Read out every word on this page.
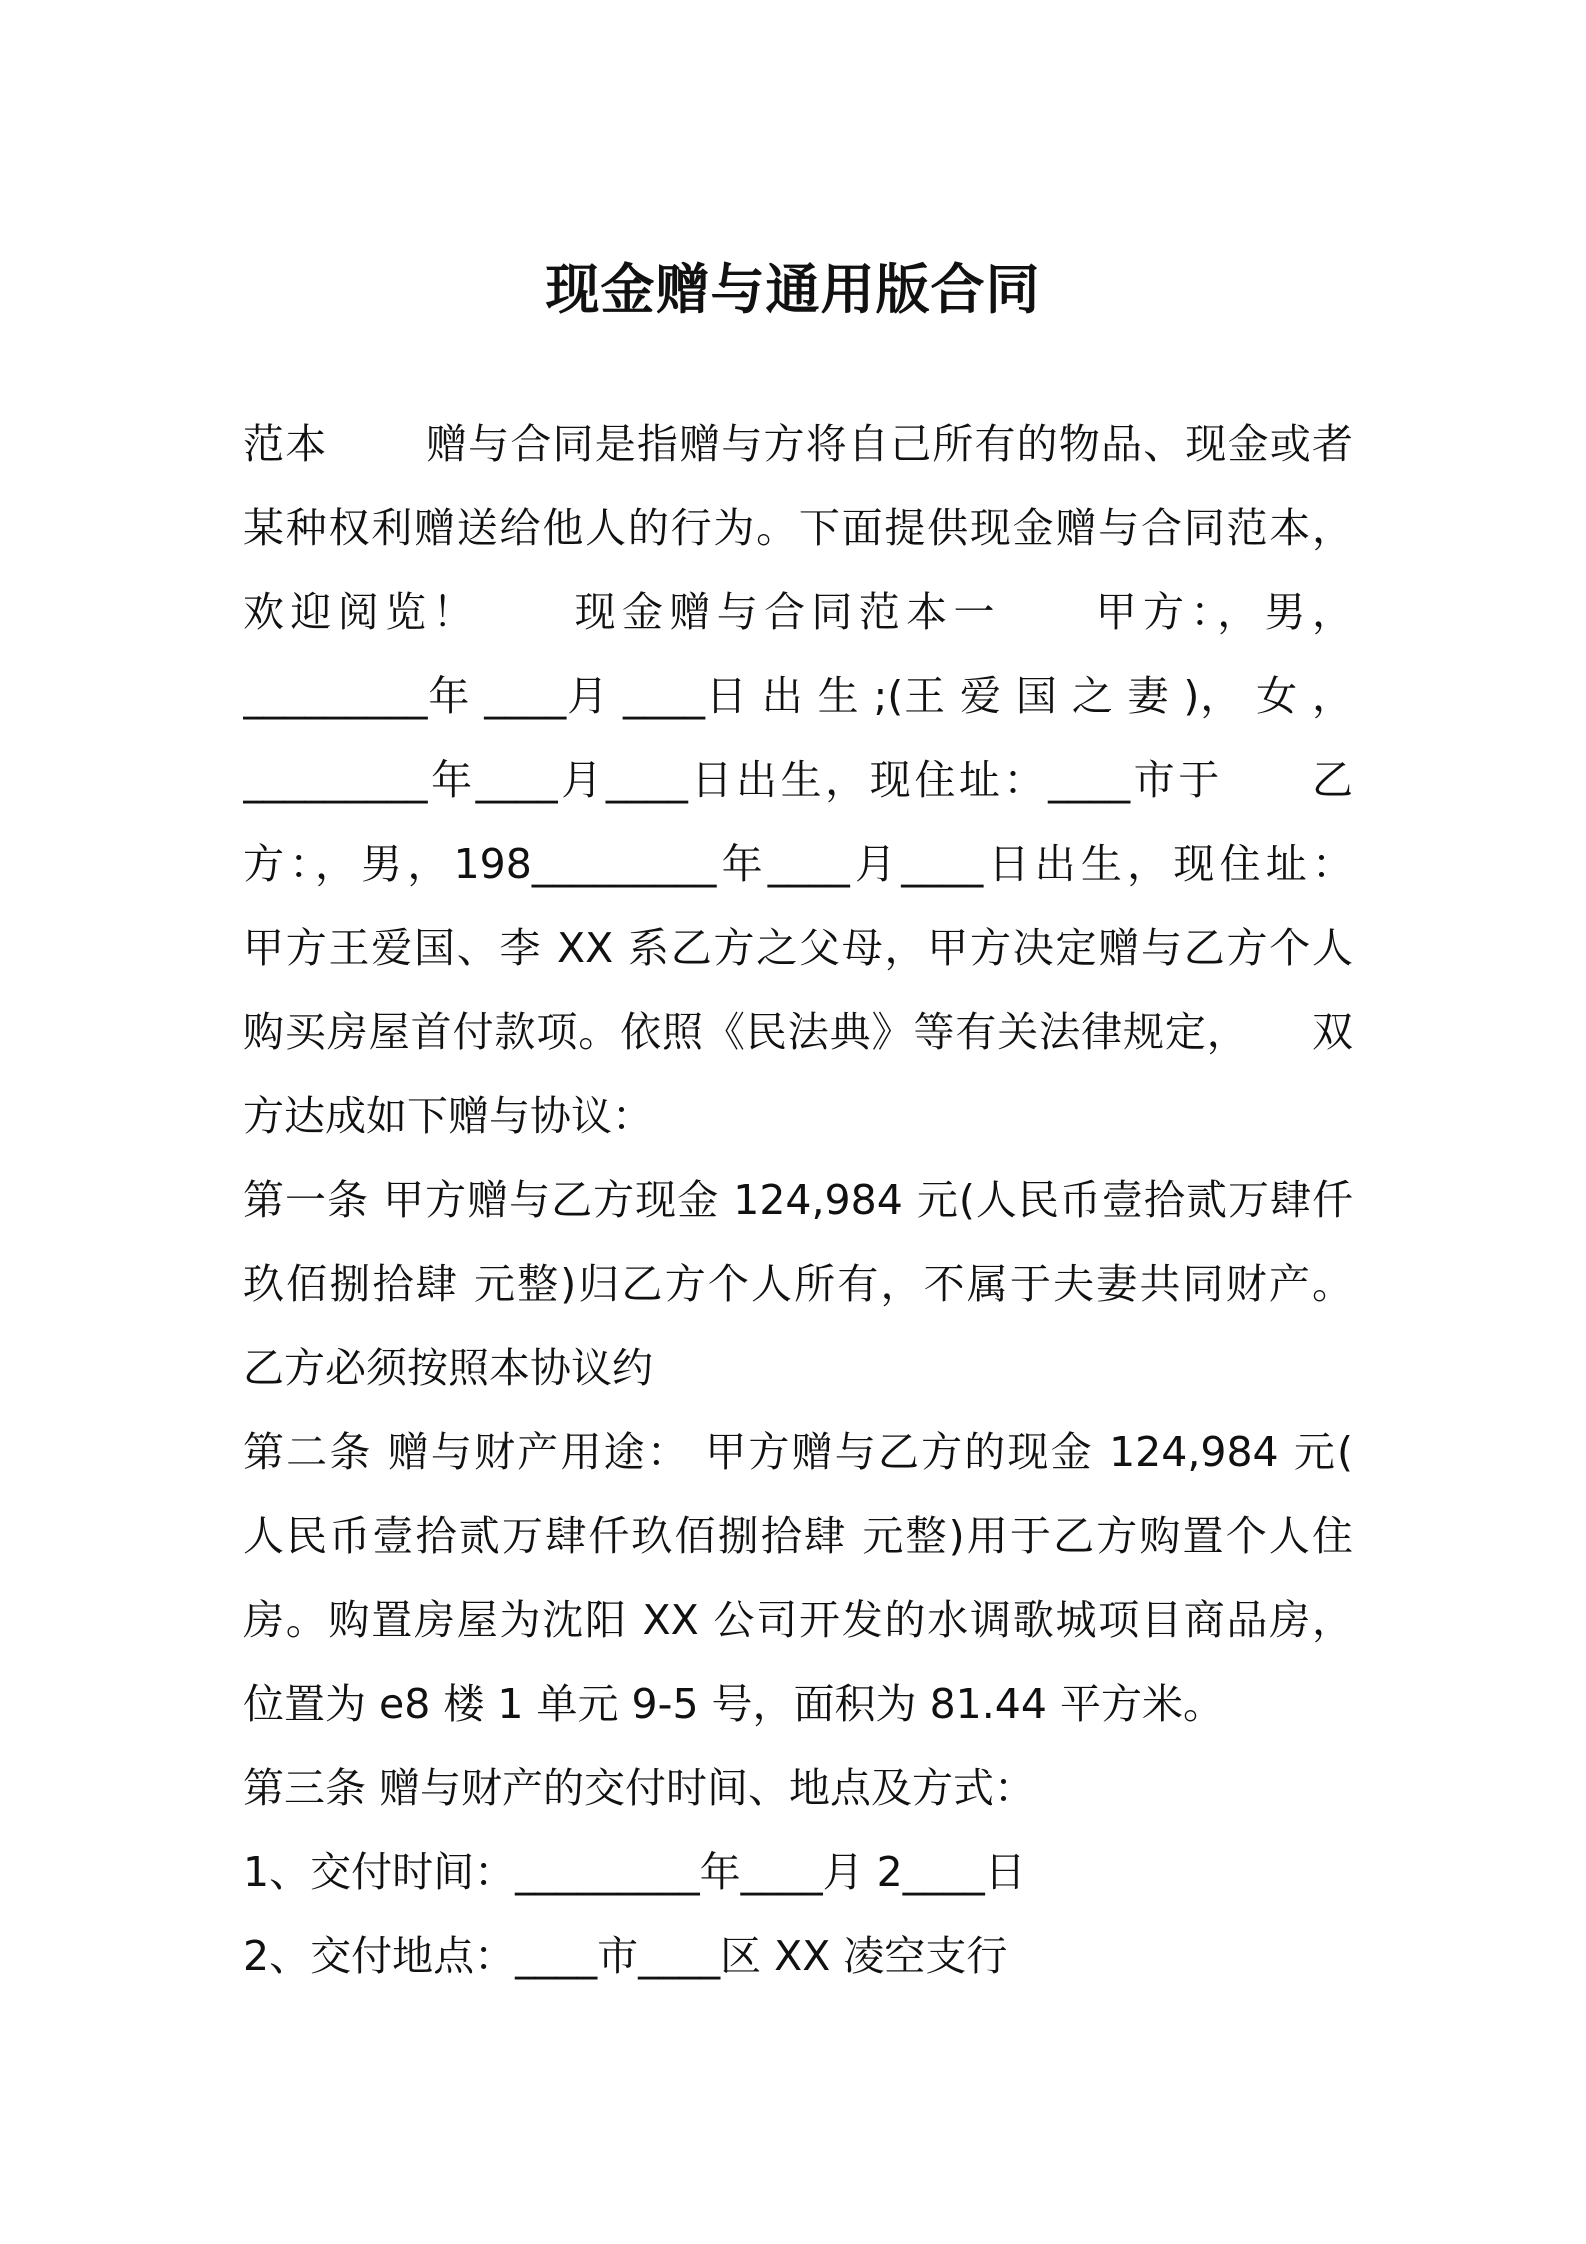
现金赠与通用版合同
范本　　 赠与合同是指赠与方将自己所有的物品、现金或者
某种权利赠送给他人的行为。下面提供现金赠与合同范本，
欢迎阅览！　　现金赠与合同范本一　　甲方：，男，
_________年 ____月 ____日 出 生 ;(王 爱 国 之 妻 )， 女 ，
_________年____月____日出生，现住址：____市于　　乙
方：，男，198_________年____月____日出生，现住址：
甲方王爱国、李 XX 系乙方之父母，甲方决定赠与乙方个人
购买房屋首付款项。依照《民法典》等有关法律规定，　　双
方达成如下赠与协议：
第一条 甲方赠与乙方现金 124,984 元(人民币壹拾贰万肆仟
玖佰捌拾肆 元整)归乙方个人所有，不属于夫妻共同财产。
乙方必须按照本协议约
第二条 赠与财产用途： 甲方赠与乙方的现金 124,984 元(
人民币壹拾贰万肆仟玖佰捌拾肆 元整)用于乙方购置个人住
房。购置房屋为沈阳 XX 公司开发的水调歌城项目商品房，
位置为 e8 楼 1 单元 9-5 号，面积为 81.44 平方米。
第三条 赠与财产的交付时间、地点及方式：
1、交付时间：_________年____月 2____日
2、交付地点：____市____区 XX 凌空支行
